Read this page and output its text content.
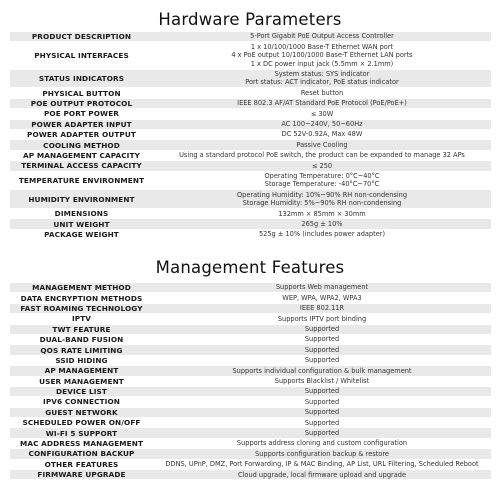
Hardware Parameters
PRODUCT DESCRIPTION	5-Port Gigabit PoE Output Access Controller

PHYSICAL INTERFACES	1 x 10/100/1000 Base-T Ethernet WAN port
4 x PoE output 10/100/1000 Base-T Ethernet LAN ports
1 x DC power input jack (5.5mm × 2.1mm)

STATUS INDICATORS	System status: SYS indicator
Port status: ACT indicator, PoE status indicator

PHYSICAL BUTTON	Reset button

POE OUTPUT PROTOCOL	IEEE 802.3 AF/AT Standard PoE Protocol (PoE/PoE+)

POE PORT POWER	≤ 30W

POWER ADAPTER INPUT	AC 100~240V, 50~60Hz

POWER ADAPTER OUTPUT	DC 52V-0.92A, Max 48W

COOLING METHOD	Passive Cooling

AP MANAGEMENT CAPACITY	Using a standard protocol PoE switch, the product can be expanded to manage 32 APs

TERMINAL ACCESS CAPACITY	≤ 250

TEMPERATURE ENVIRONMENT	Operating Temperature: 0°C~40°C
Storage Temperature: -40°C~70°C

HUMIDITY ENVIRONMENT	Operating Humidity: 10%~90% RH non-condensing
Storage Humidity: 5%~90% RH non-condensing

DIMENSIONS	132mm × 85mm × 30mm

UNIT WEIGHT	265g ± 10%

PACKAGE WEIGHT	525g ± 10% (includes power adapter)
Management Features
MANAGEMENT METHOD	Supports Web management

DATA ENCRYPTION METHODS	WEP, WPA, WPA2, WPA3

FAST ROAMING TECHNOLOGY	IEEE 802.11R

IPTV	Supports IPTV port binding

TWT FEATURE	Supported

DUAL-BAND FUSION	Supported

QOS RATE LIMITING	Supported

SSID HIDING	Supported

AP MANAGEMENT	Supports individual configuration & bulk management

USER MANAGEMENT	Supports Blacklist / Whitelist

DEVICE LIST	Supported

IPV6 CONNECTION	Supported

GUEST NETWORK	Supported

SCHEDULED POWER ON/OFF	Supported

WI-FI 5 SUPPORT	Supported

MAC ADDRESS MANAGEMENT	Supports address cloning and custom configuration

CONFIGURATION BACKUP	Supports configuration backup & restore

OTHER FEATURES	DDNS, UPnP, DMZ, Port Forwarding, IP & MAC Binding, AP List, URL Filtering, Scheduled Reboot

FIRMWARE UPGRADE	Cloud upgrade, local firmware upload and upgrade
